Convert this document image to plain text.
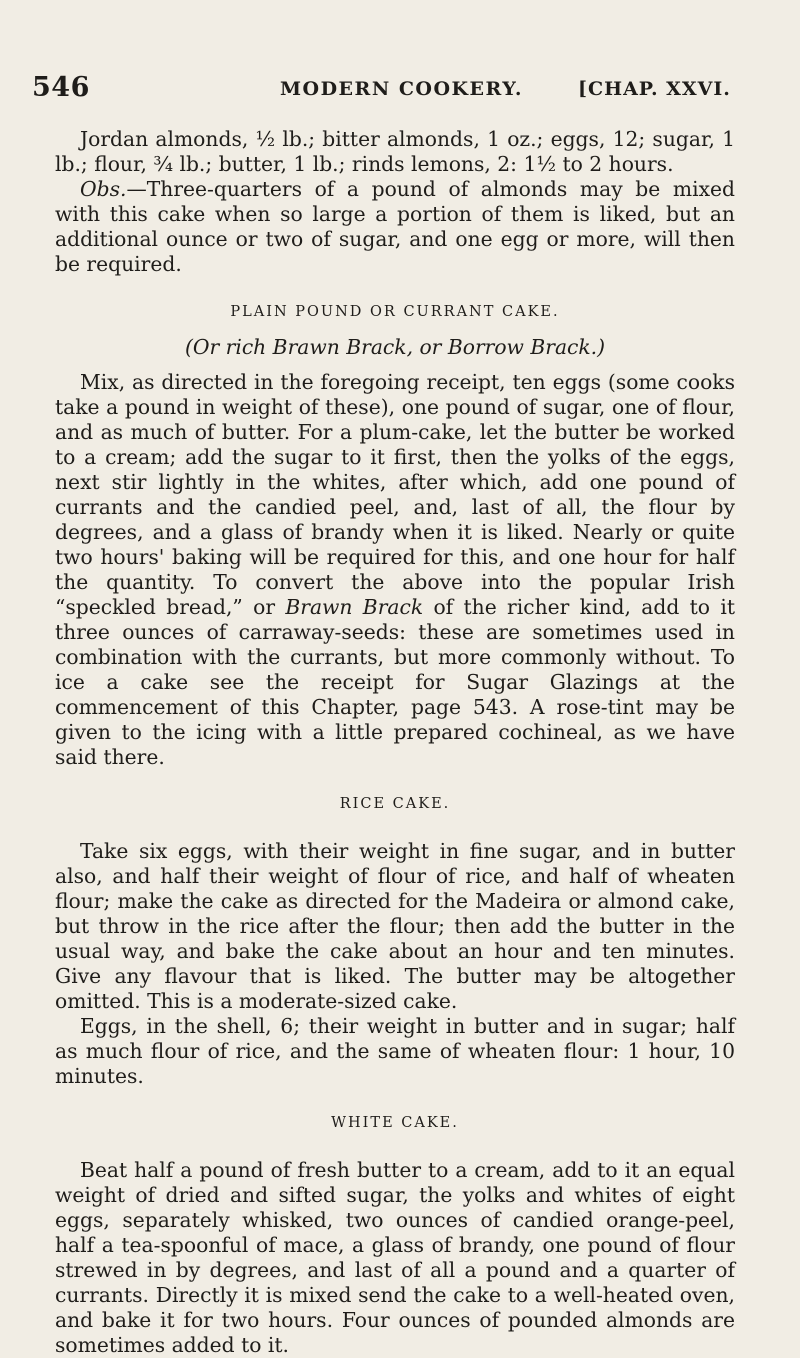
546	MODERN COOKERY.	[CHAP. XXVI.

Jordan almonds, ½ lb.; bitter almonds, 1 oz.; eggs, 12; sugar, 1 lb.; flour, ¾ lb.; butter, 1 lb.; rinds lemons, 2: 1½ to 2 hours.

Obs.—Three-quarters of a pound of almonds may be mixed with this cake when so large a portion of them is liked, but an additional ounce or two of sugar, and one egg or more, will then be required.

PLAIN POUND OR CURRANT CAKE.

(Or rich Brawn Brack, or Borrow Brack.)

Mix, as directed in the foregoing receipt, ten eggs (some cooks take a pound in weight of these), one pound of sugar, one of flour, and as much of butter. For a plum-cake, let the butter be worked to a cream; add the sugar to it first, then the yolks of the eggs, next stir lightly in the whites, after which, add one pound of currants and the candied peel, and, last of all, the flour by degrees, and a glass of brandy when it is liked. Nearly or quite two hours' baking will be required for this, and one hour for half the quantity. To convert the above into the popular Irish “speckled bread,” or Brawn Brack of the richer kind, add to it three ounces of carraway-seeds: these are sometimes used in combination with the currants, but more commonly without. To ice a cake see the receipt for Sugar Glazings at the commencement of this Chapter, page 543. A rose-tint may be given to the icing with a little prepared cochineal, as we have said there.

RICE CAKE.

Take six eggs, with their weight in fine sugar, and in butter also, and half their weight of flour of rice, and half of wheaten flour; make the cake as directed for the Madeira or almond cake, but throw in the rice after the flour; then add the butter in the usual way, and bake the cake about an hour and ten minutes. Give any flavour that is liked. The butter may be altogether omitted. This is a moderate-sized cake.

Eggs, in the shell, 6; their weight in butter and in sugar; half as much flour of rice, and the same of wheaten flour: 1 hour, 10 minutes.

WHITE CAKE.

Beat half a pound of fresh butter to a cream, add to it an equal weight of dried and sifted sugar, the yolks and whites of eight eggs, separately whisked, two ounces of candied orange-peel, half a tea-spoonful of mace, a glass of brandy, one pound of flour strewed in by degrees, and last of all a pound and a quarter of currants. Directly it is mixed send the cake to a well-heated oven, and bake it for two hours. Four ounces of pounded almonds are sometimes added to it.
